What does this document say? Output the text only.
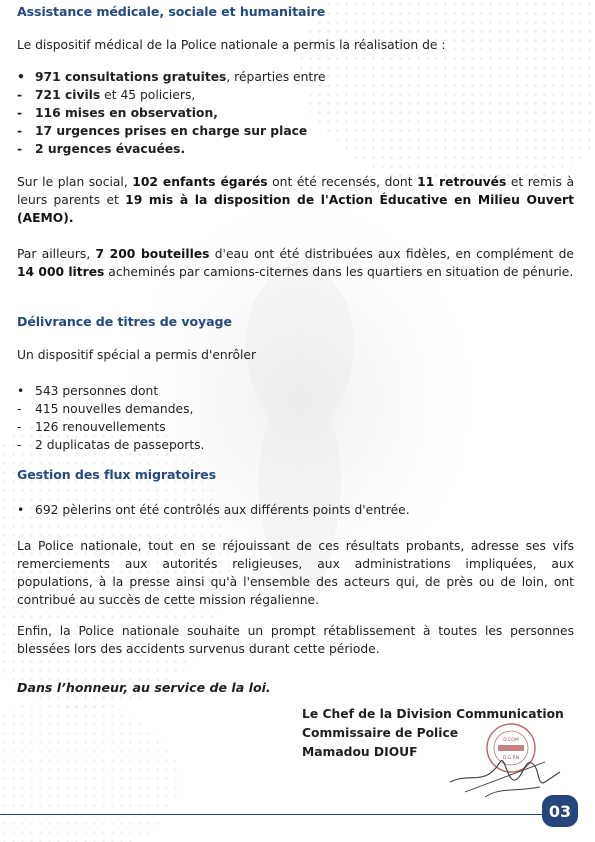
Assistance médicale, sociale et humanitaire

Le dispositif médical de la Police nationale a permis la réalisation de :

• 971 consultations gratuites, réparties entre
-	721 civils et 45 policiers,
-	116 mises en observation,
-	17 urgences prises en charge sur place
-	2 urgences évacuées.

Sur le plan social, 102 enfants égarés ont été recensés, dont 11 retrouvés et remis à leurs parents et 19 mis à la disposition de l'Action Éducative en Milieu Ouvert (AEMO).

Par ailleurs, 7 200 bouteilles d'eau ont été distribuées aux fidèles, en complément de 14 000 litres acheminés par camions-citernes dans les quartiers en situation de pénurie.

Délivrance de titres de voyage

Un dispositif spécial a permis d'enrôler

• 543 personnes dont
-	415 nouvelles demandes,
-	126 renouvellements
-	2 duplicatas de passeports.
Gestion des flux migratoires
• 692 pèlerins ont été contrôlés aux différents points d'entrée.

La Police nationale, tout en se réjouissant de ces résultats probants, adresse ses vifs remerciements aux autorités religieuses, aux administrations impliquées, aux populations, à la presse ainsi qu'à l'ensemble des acteurs qui, de près ou de loin, ont contribué au succès de cette mission régalienne.

Enfin, la Police nationale souhaite un prompt rétablissement à toutes les personnes blessées lors des accidents survenus durant cette période.

Dans l’honneur, au service de la loi.

Le Chef de la Division Communication
Commissaire de Police
Mamadou DIOUF
D.COM
D.G.P.N
03
